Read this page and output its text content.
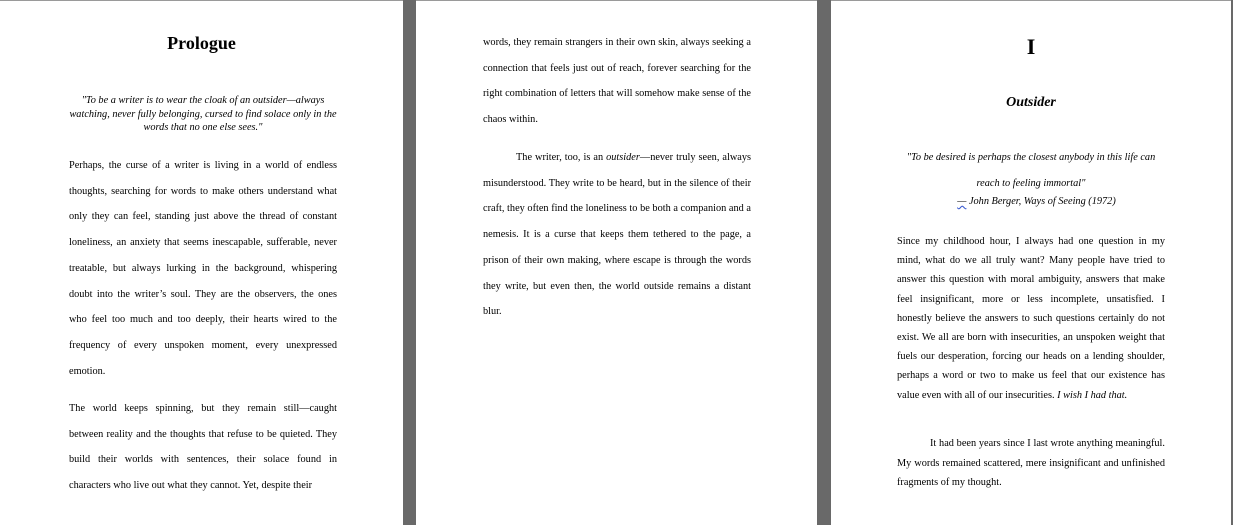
Prologue

"To be a writer is to wear the cloak of an outsider—always watching, never fully belonging, cursed to find solace only in the words that no one else sees."

Perhaps, the curse of a writer is living in a world of endless thoughts, searching for words to make others understand what only they can feel, standing just above the thread of constant loneliness, an anxiety that seems inescapable, sufferable, never treatable, but always lurking in the background, whispering doubt into the writer’s soul. They are the observers, the ones who feel too much and too deeply, their hearts wired to the frequency of every unspoken moment, every unexpressed emotion.

The world keeps spinning, but they remain still—caught between reality and the thoughts that refuse to be quieted. They build their worlds with sentences, their solace found in characters who live out what they cannot. Yet, despite their

words, they remain strangers in their own skin, always seeking a connection that feels just out of reach, forever searching for the right combination of letters that will somehow make sense of the chaos within.

The writer, too, is an outsider—never truly seen, always misunderstood. They write to be heard, but in the silence of their craft, they often find the loneliness to be both a companion and a nemesis. It is a curse that keeps them tethered to the page, a prison of their own making, where escape is through the words they write, but even then, the world outside remains a distant blur.

I
Outsider

"To be desired is perhaps the closest anybody in this life can reach to feeling immortal"

— John Berger, Ways of Seeing (1972)

Since my childhood hour, I always had one question in my mind, what do we all truly want? Many people have tried to answer this question with moral ambiguity, answers that make feel insignificant, more or less incomplete, unsatisfied. I honestly believe the answers to such questions certainly do not exist. We all are born with insecurities, an unspoken weight that fuels our desperation, forcing our heads on a lending shoulder, perhaps a word or two to make us feel that our existence has value even with all of our insecurities. I wish I had that.

It had been years since I last wrote anything meaningful. My words remained scattered, mere insignificant and unfinished fragments of my thought.
